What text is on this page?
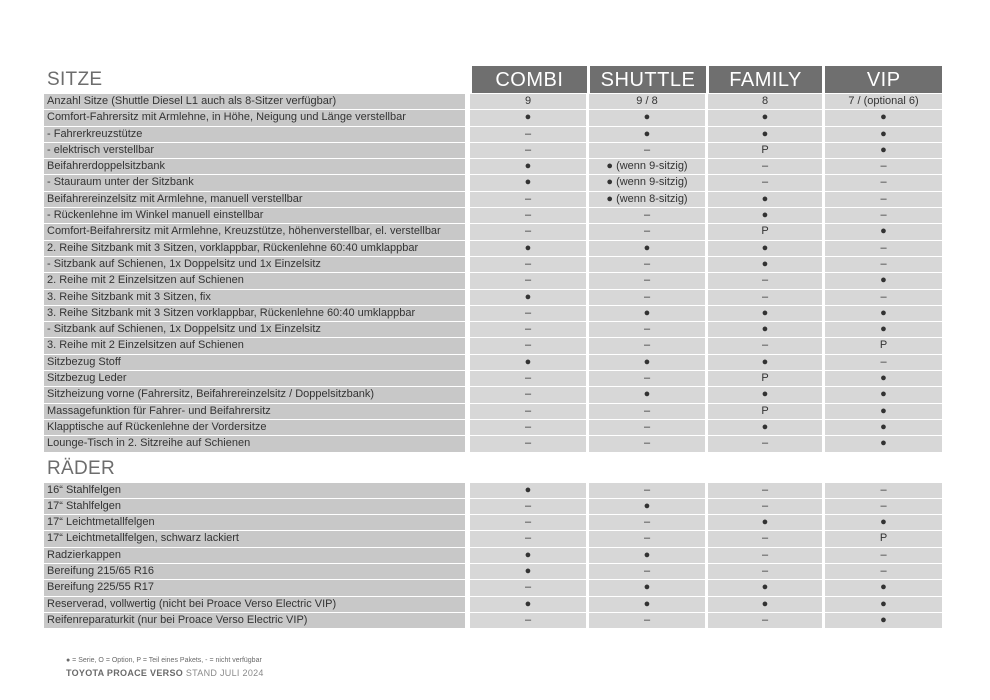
SITZE	COMBI	SHUTTLE	FAMILY	VIP
Anzahl Sitze (Shuttle Diesel L1 auch als 8-Sitzer verfügbar)	9	9 / 8	8	7 / (optional 6)
Comfort-Fahrersitz mit Armlehne, in Höhe, Neigung und Länge verstellbar	●	●	●	●
- Fahrerkreuzstütze	–	●	●	●
- elektrisch verstellbar	–	–	P	●
Beifahrerdoppelsitzbank	●	● (wenn 9-sitzig)	–	–
- Stauraum unter der Sitzbank	●	● (wenn 9-sitzig)	–	–
Beifahrereinzelsitz mit Armlehne, manuell verstellbar	–	● (wenn 8-sitzig)	●	–
- Rückenlehne im Winkel manuell einstellbar	–	–	●	–
Comfort-Beifahrersitz mit Armlehne, Kreuzstütze, höhenverstellbar, el. verstellbar	–	–	P	●
2. Reihe Sitzbank mit 3 Sitzen, vorklappbar, Rückenlehne 60:40 umklappbar	●	●	●	–
- Sitzbank auf Schienen, 1x Doppelsitz und 1x Einzelsitz	–	–	●	–
2. Reihe mit 2 Einzelsitzen auf Schienen	–	–	–	●
3. Reihe Sitzbank mit 3 Sitzen, fix	●	–	–	–
3. Reihe Sitzbank mit 3 Sitzen vorklappbar, Rückenlehne 60:40 umklappbar	–	●	●	●
- Sitzbank auf Schienen, 1x Doppelsitz und 1x Einzelsitz	–	–	●	●
3. Reihe mit 2 Einzelsitzen auf Schienen	–	–	–	P
Sitzbezug Stoff	●	●	●	–
Sitzbezug Leder	–	–	P	●
Sitzheizung vorne (Fahrersitz, Beifahrereinzelsitz / Doppelsitzbank)	–	●	●	●
Massagefunktion für Fahrer- und Beifahrersitz	–	–	P	●
Klapptische auf Rückenlehne der Vordersitze	–	–	●	●
Lounge-Tisch in 2. Sitzreihe auf Schienen	–	–	–	●
RÄDER
16“ Stahlfelgen	●	–	–	–
17“ Stahlfelgen	–	●	–	–
17“ Leichtmetallfelgen	–	–	●	●
17“ Leichtmetallfelgen, schwarz lackiert	–	–	–	P
Radzierkappen	●	●	–	–
Bereifung 215/65 R16	●	–	–	–
Bereifung 225/55 R17	–	●	●	●
Reserverad, vollwertig (nicht bei Proace Verso Electric VIP)	●	●	●	●
Reifenreparaturkit (nur bei Proace Verso Electric VIP)	–	–	–	●
● = Serie, O = Option, P = Teil eines Pakets, - = nicht verfügbar
TOYOTA PROACE VERSO STAND JULI 2024
